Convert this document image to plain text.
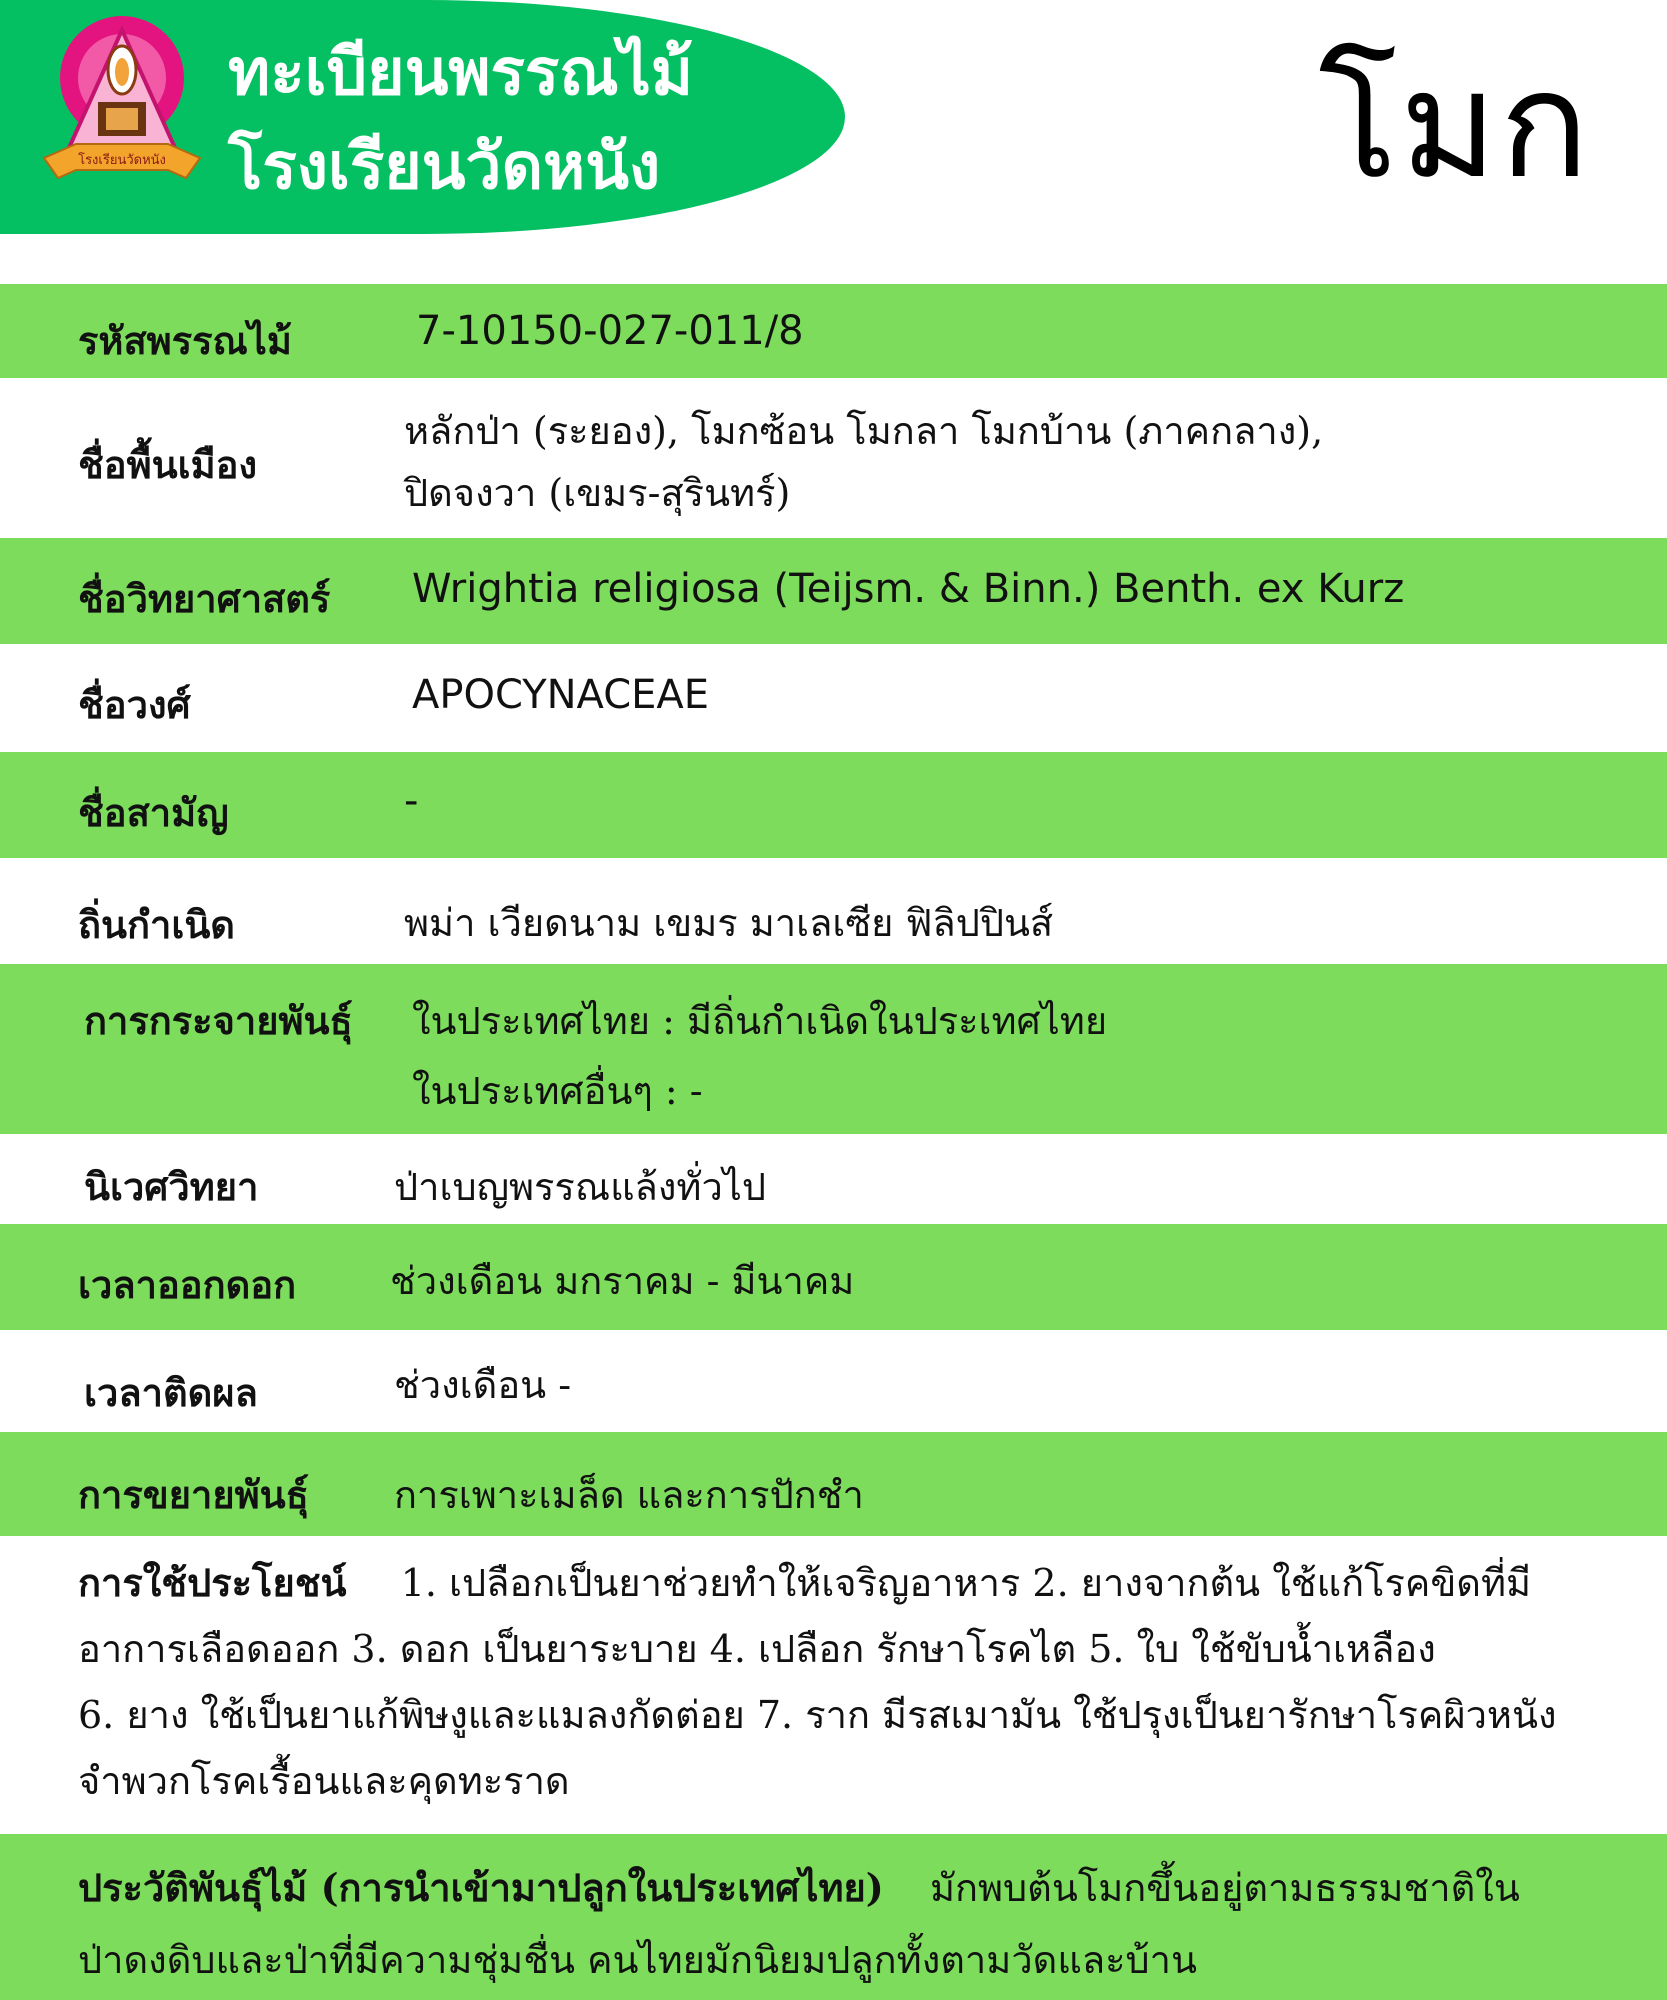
โรงเรียนวัดหนัง
ทะเบียนพรรณไม้
โรงเรียนวัดหนัง	โมก
รหัสพรรณไม้	7-10150-027-011/8
ชื่อพื้นเมือง
หลักป่า (ระยอง), โมกซ้อน โมกลา โมกบ้าน (ภาคกลาง),
ปิดจงวา (เขมร-สุรินทร์)
ชื่อวิทยาศาสตร์ Wrightia religiosa (Teijsm. & Binn.) Benth. ex Kurz
ชื่อวงศ์	APOCYNACEAE
ชื่อสามัญ	-
ถิ่นกำเนิด	พม่า เวียดนาม เขมร มาเลเซีย ฟิลิปปินส์
การกระจายพันธุ์ ในประเทศไทย : มีถิ่นกำเนิดในประเทศไทย
ในประเทศอื่นๆ : -
นิเวศวิทยา	ป่าเบญพรรณแล้งทั่วไป
เวลาออกดอก ช่วงเดือน มกราคม - มีนาคม
เวลาติดผล	ช่วงเดือน -
การขยายพันธุ์ การเพาะเมล็ด และการปักชำ
การใช้ประโยชน์ 1. เปลือกเป็นยาช่วยทำให้เจริญอาหาร 2. ยางจากต้น ใช้แก้โรคขิดที่มี
อาการเลือดออก 3. ดอก เป็นยาระบาย 4. เปลือก รักษาโรคไต 5. ใบ ใช้ขับน้ำเหลือง
6. ยาง ใช้เป็นยาแก้พิษงูและแมลงกัดต่อย 7. ราก มีรสเมามัน ใช้ปรุงเป็นยารักษาโรคผิวหนัง
จำพวกโรคเรื้อนและคุดทะราด
ประวัติพันธุ์ไม้ (การนำเข้ามาปลูกในประเทศไทย) มักพบต้นโมกขึ้นอยู่ตามธรรมชาติใน
ป่าดงดิบและป่าที่มีความชุ่มชื่น คนไทยมักนิยมปลูกทั้งตามวัดและบ้าน
